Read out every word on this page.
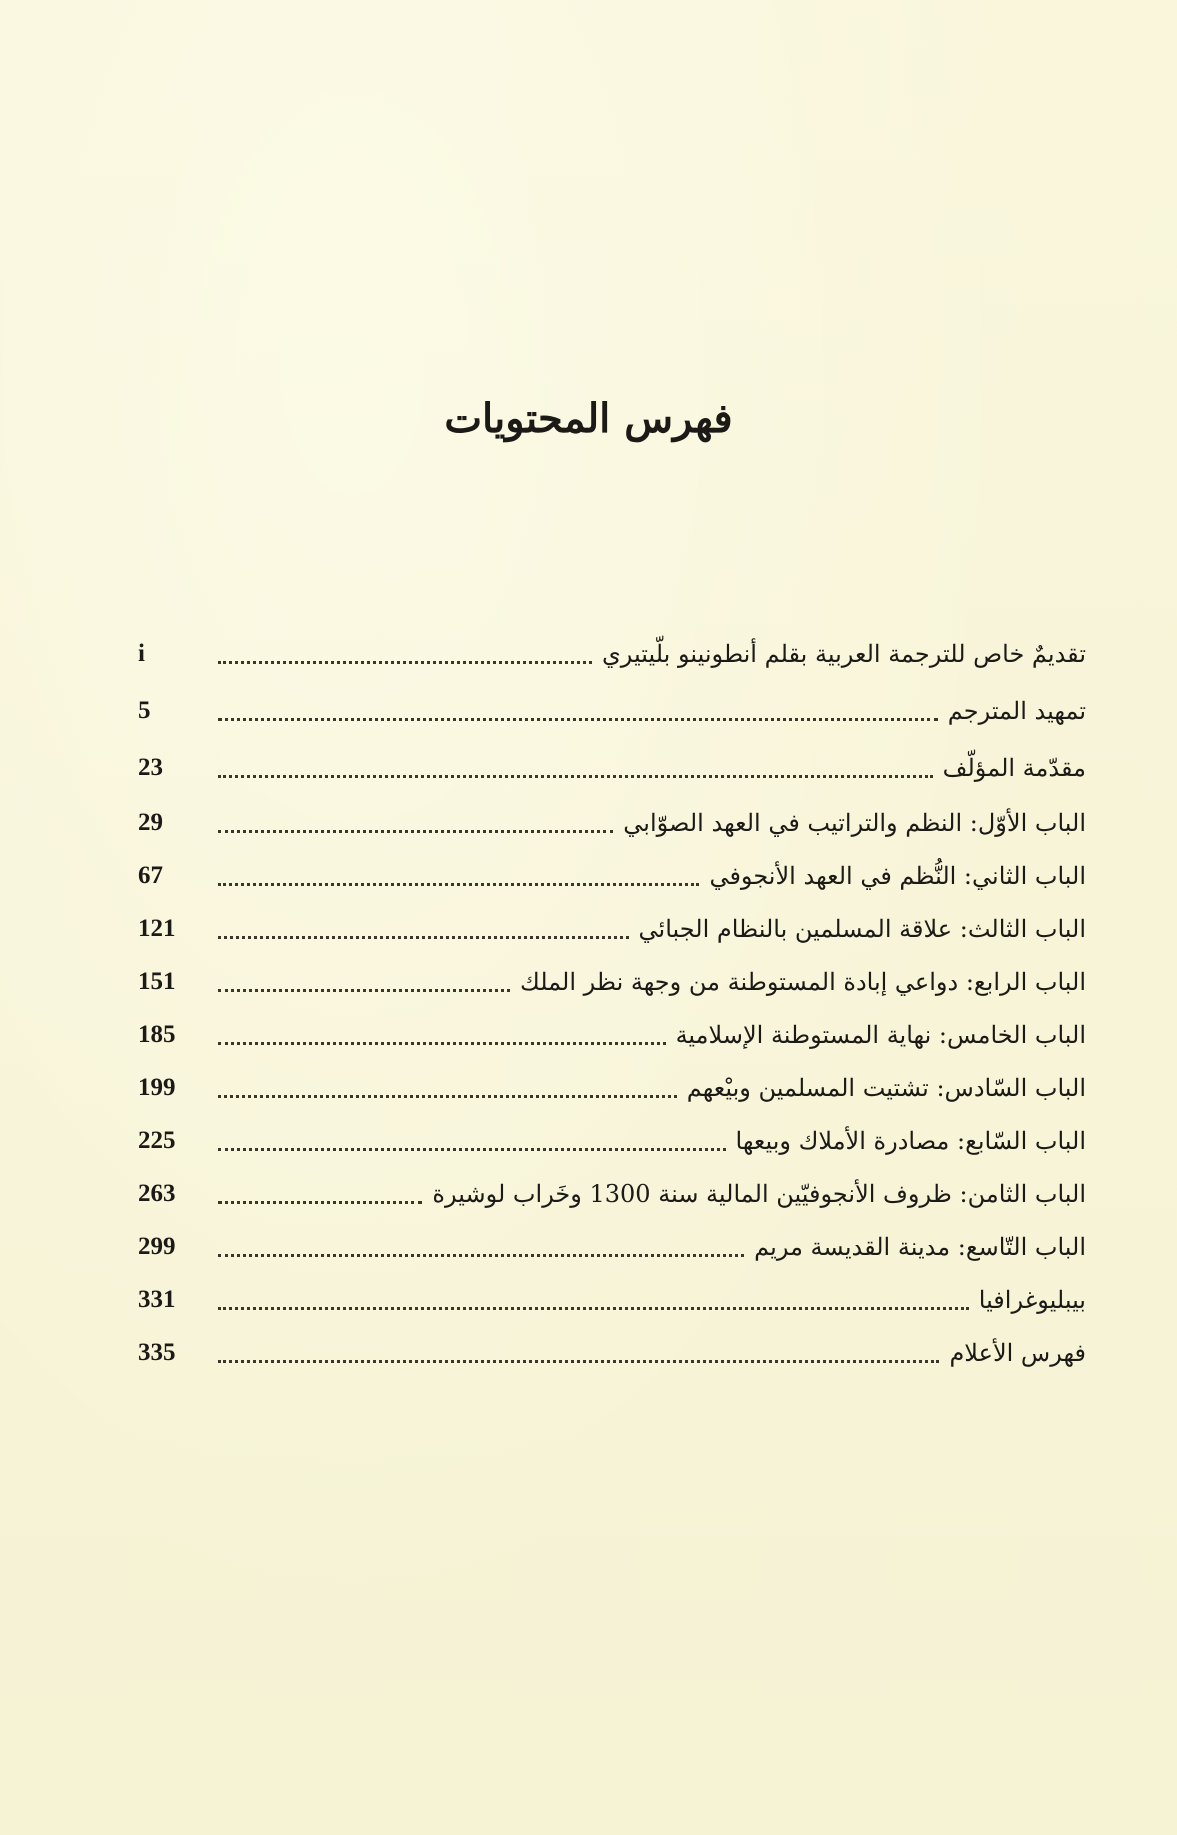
فهرس المحتويات
تقديمٌ خاص للترجمة العربية بقلم أنطونينو بلّيتيري
i
تمهيد المترجم
5
مقدّمة المؤلّف
23
الباب الأوّل: النظم والتراتيب في العهد الصوّابي
29
الباب الثاني: النُّظم في العهد الأنجوفي
67
الباب الثالث: علاقة المسلمين بالنظام الجبائي
121
الباب الرابع: دواعي إبادة المستوطنة من وجهة نظر الملك
151
الباب الخامس: نهاية المستوطنة الإسلامية
185
الباب السّادس: تشتيت المسلمين وبيْعهم
199
الباب السّابع: مصادرة الأملاك وبيعها
225
الباب الثامن: ظروف الأنجوفيّين المالية سنة 1300 وخَراب لوشيرة
263
الباب التّاسع: مدينة القديسة مريم
299
بيبليوغرافيا
331
فهرس الأعلام
335
